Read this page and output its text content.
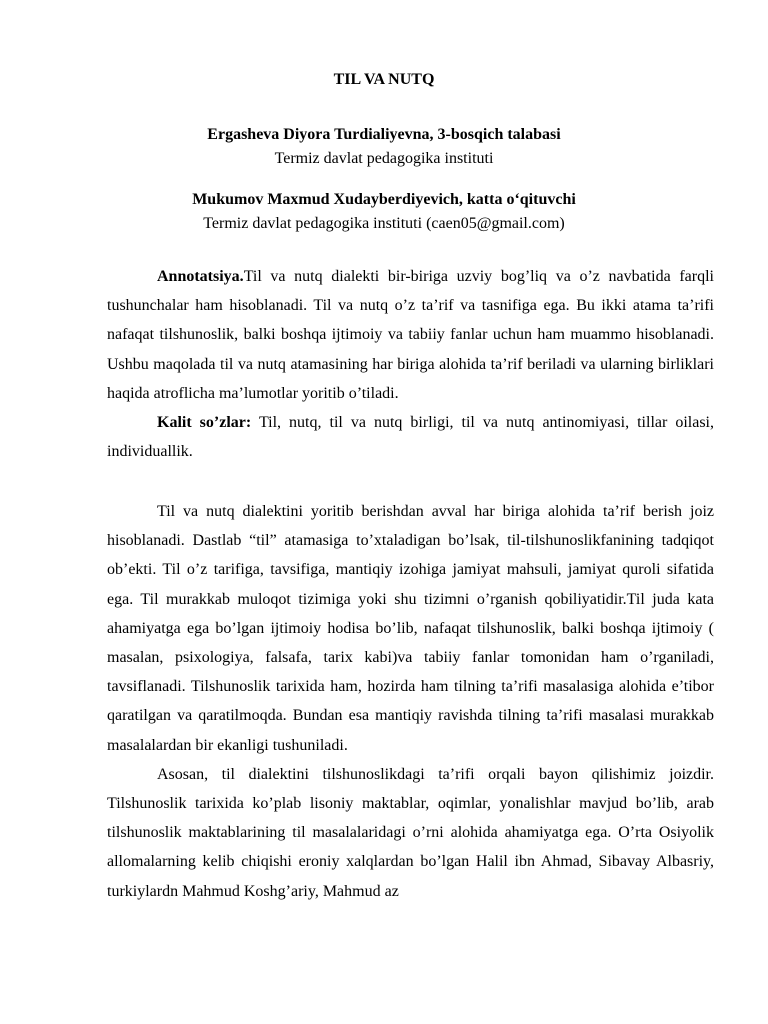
TIL VA NUTQ
Ergasheva Diyora Turdialiyevna, 3-bosqich talabasi
Termiz davlat pedagogika instituti
Mukumov Maxmud Xudayberdiyevich, katta o‘qituvchi
Termiz davlat pedagogika instituti (caen05@gmail.com)

Annotatsiya.Til va nutq dialekti bir-biriga uzviy bog’liq va o’z navbatida farqli tushunchalar ham hisoblanadi. Til va nutq o’z ta’rif va tasnifiga ega. Bu ikki atama ta’rifi nafaqat tilshunoslik, balki boshqa ijtimoiy va tabiiy fanlar uchun ham muammo hisoblanadi. Ushbu maqolada til va nutq atamasining har biriga alohida ta’rif beriladi va ularning birliklari haqida atroflicha ma’lumotlar yoritib o’tiladi.

Kalit so’zlar: Til, nutq, til va nutq birligi, til va nutq antinomiyasi, tillar oilasi, individuallik.

Til va nutq dialektini yoritib berishdan avval har biriga alohida ta’rif berish joiz hisoblanadi. Dastlab “til” atamasiga to’xtaladigan bo’lsak, til-tilshunoslikfanining tadqiqot ob’ekti. Til o’z tarifiga, tavsifiga, mantiqiy izohiga jamiyat mahsuli, jamiyat quroli sifatida ega. Til murakkab muloqot tizimiga yoki shu tizimni o’rganish qobiliyatidir.Til juda kata ahamiyatga ega bo’lgan ijtimoiy hodisa bo’lib, nafaqat tilshunoslik, balki boshqa ijtimoiy ( masalan, psixologiya, falsafa, tarix kabi)va tabiiy fanlar tomonidan ham o’rganiladi, tavsiflanadi. Tilshunoslik tarixida ham, hozirda ham tilning ta’rifi masalasiga alohida e’tibor qaratilgan va qaratilmoqda. Bundan esa mantiqiy ravishda tilning ta’rifi masalasi murakkab masalalardan bir ekanligi tushuniladi.

Asosan, til dialektini tilshunoslikdagi ta’rifi orqali bayon qilishimiz joizdir. Tilshunoslik tarixida ko’plab lisoniy maktablar, oqimlar, yonalishlar mavjud bo’lib, arab tilshunoslik maktablarining til masalalaridagi o’rni alohida ahamiyatga ega. O’rta Osiyolik allomalarning kelib chiqishi eroniy xalqlardan bo’lgan Halil ibn Ahmad, Sibavay Albasriy, turkiylardn Mahmud Koshg’ariy, Mahmud az
